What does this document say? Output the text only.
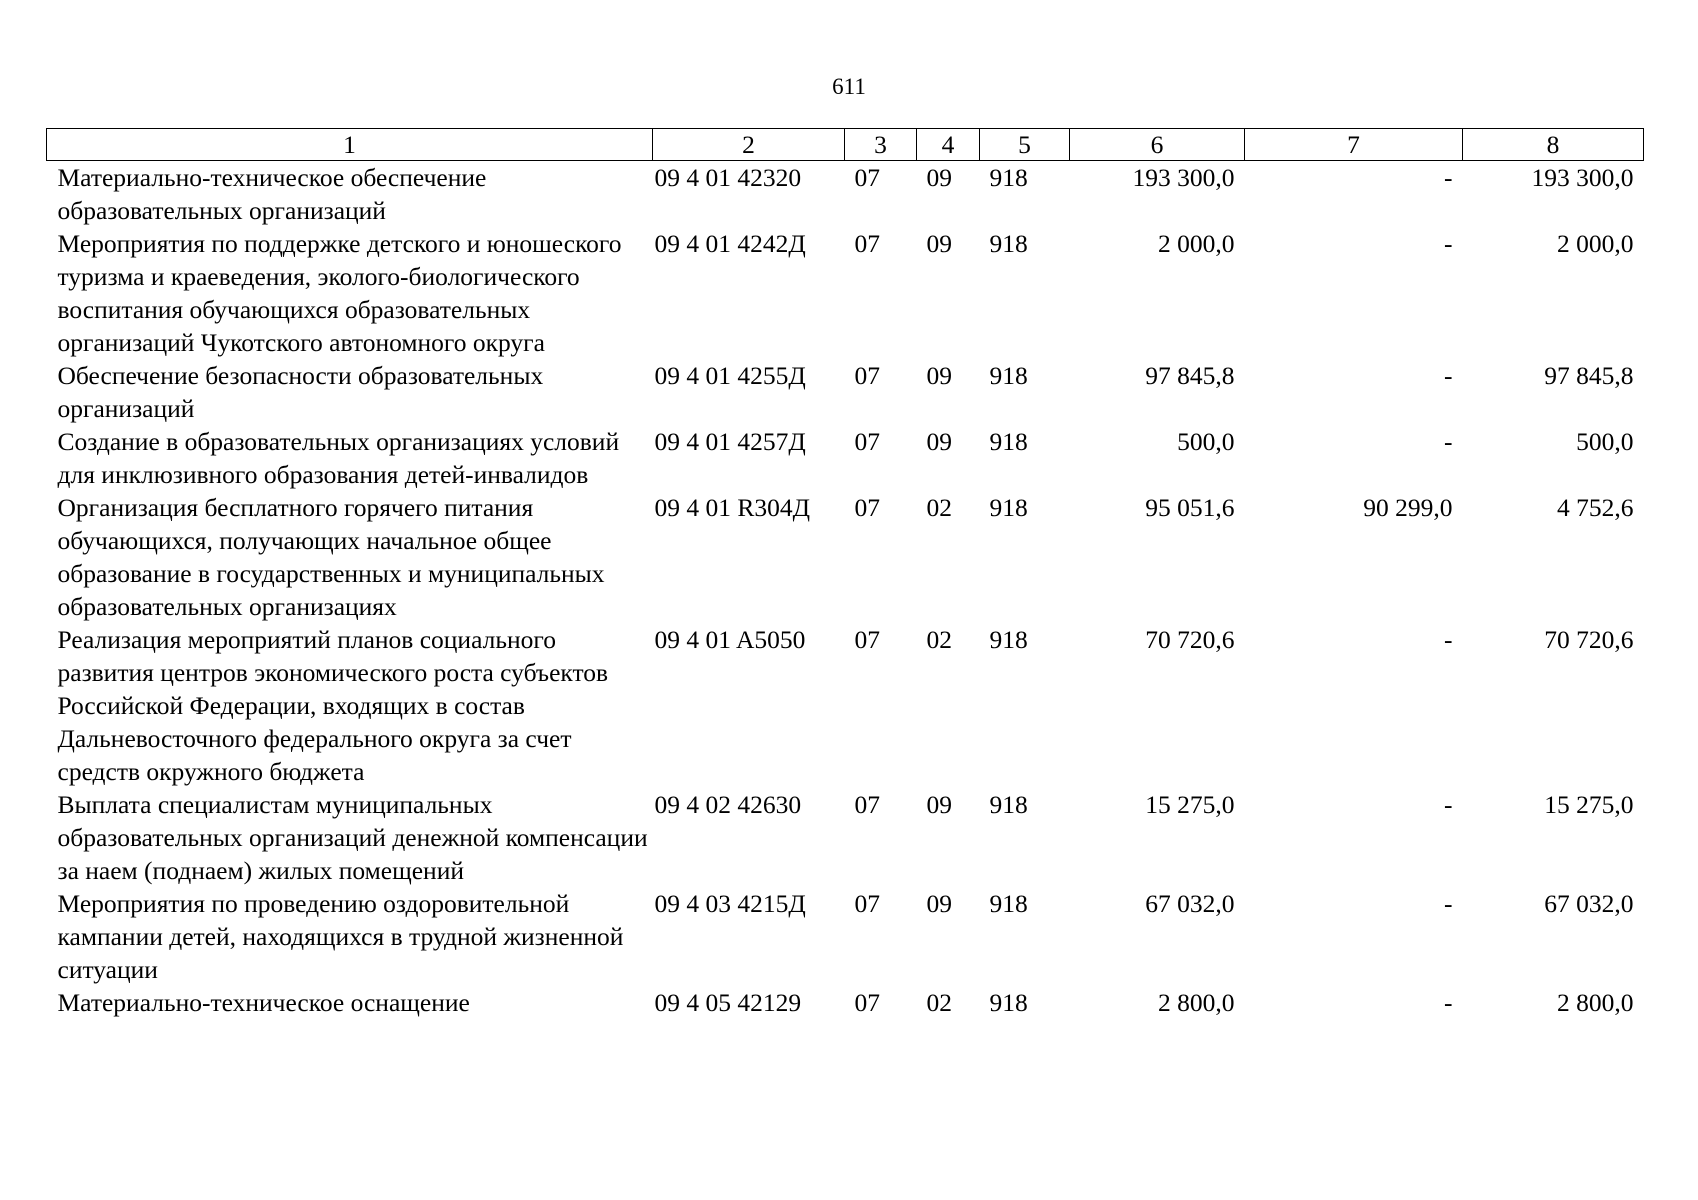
611
1	2	3	4	5	6	7	8
Материально-техническое обеспечение образовательных организаций	09 4 01 42320	07	09	918	193 300,0	-	193 300,0
Мероприятия по поддержке детского и юношеского туризма и краеведения, эколого-биологического воспитания обучающихся образовательных организаций Чукотского автономного округа	09 4 01 4242Д	07	09	918	2 000,0	-	2 000,0
Обеспечение безопасности образовательных организаций	09 4 01 4255Д	07	09	918	97 845,8	-	97 845,8
Создание в образовательных организациях условий для инклюзивного образования детей-инвалидов	09 4 01 4257Д	07	09	918	500,0	-	500,0
Организация бесплатного горячего питания обучающихся, получающих начальное общее образование в государственных и муниципальных образовательных организациях	09 4 01 R304Д	07	02	918	95 051,6	90 299,0	4 752,6
Реализация мероприятий планов социального развития центров экономического роста субъектов Российской Федерации, входящих в состав Дальневосточного федерального округа за счет средств окружного бюджета	09 4 01 A5050	07	02	918	70 720,6	-	70 720,6
Выплата специалистам муниципальных образовательных организаций денежной компенсации за наем (поднаем) жилых помещений	09 4 02 42630	07	09	918	15 275,0	-	15 275,0
Мероприятия по проведению оздоровительной кампании детей, находящихся в трудной жизненной ситуации	09 4 03 4215Д	07	09	918	67 032,0	-	67 032,0
Материально-техническое оснащение	09 4 05 42129	07	02	918	2 800,0	-	2 800,0
